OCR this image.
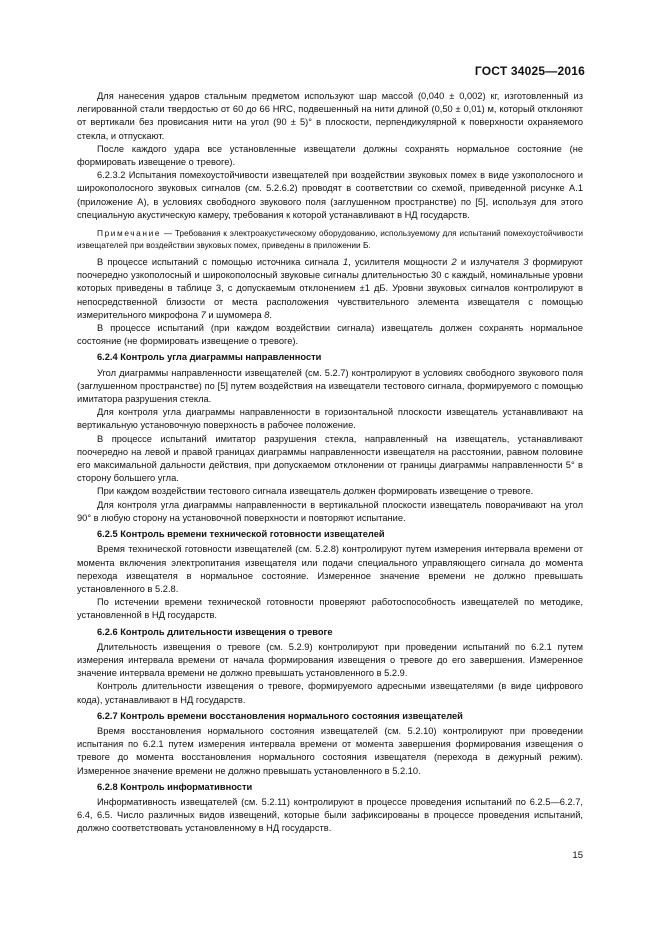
ГОСТ 34025—2016

Для нанесения ударов стальным предметом используют шар массой (0,040 ± 0,002) кг, изготовленный из легированной стали твердостью от 60 до 66 HRC, подвешенный на нити длиной (0,50 ± 0,01) м, который отклоняют от вертикали без провисания нити на угол (90 ± 5)° в плоскости, перпендикулярной к поверхности охраняемого стекла, и отпускают.

После каждого удара все установленные извещатели должны сохранять нормальное состояние (не формировать извещение о тревоге).

6.2.3.2 Испытания помехоустойчивости извещателей при воздействии звуковых помех в виде узкополосного и широкополосного звуковых сигналов (см. 5.2.6.2) проводят в соответствии со схемой, приведенной рисунке А.1 (приложение А), в условиях свободного звукового поля (заглушенном пространстве) по [5], используя для этого специальную акустическую камеру, требования к которой устанавливают в НД государств.

Примечание — Требования к электроакустическому оборудованию, используемому для испытаний помехоустойчивости извещателей при воздействии звуковых помех, приведены в приложении Б.

В процессе испытаний с помощью источника сигнала 1, усилителя мощности 2 и излучателя 3 формируют поочередно узкополосный и широкополосный звуковые сигналы длительностью 30 с каждый, номинальные уровни которых приведены в таблице 3, с допускаемым отклонением ±1 дБ. Уровни звуковых сигналов контролируют в непосредственной близости от места расположения чувствительного элемента извещателя с помощью измерительного микрофона 7 и шумомера 8.

В процессе испытаний (при каждом воздействии сигнала) извещатель должен сохранять нормальное состояние (не формировать извещение о тревоге).

6.2.4 Контроль угла диаграммы направленности

Угол диаграммы направленности извещателей (см. 5.2.7) контролируют в условиях свободного звукового поля (заглушенном пространстве) по [5] путем воздействия на извещатели тестового сигнала, формируемого с помощью имитатора разрушения стекла.

Для контроля угла диаграммы направленности в горизонтальной плоскости извещатель устанавливают на вертикальную установочную поверхность в рабочее положение.

В процессе испытаний имитатор разрушения стекла, направленный на извещатель, устанавливают поочередно на левой и правой границах диаграммы направленности извещателя на расстоянии, равном половине его максимальной дальности действия, при допускаемом отклонении от границы диаграммы направленности 5° в сторону большего угла.

При каждом воздействии тестового сигнала извещатель должен формировать извещение о тревоге.

Для контроля угла диаграммы направленности в вертикальной плоскости извещатель поворачивают на угол 90° в любую сторону на установочной поверхности и повторяют испытание.

6.2.5 Контроль времени технической готовности извещателей

Время технической готовности извещателей (см. 5.2.8) контролируют путем измерения интервала времени от момента включения электропитания извещателя или подачи специального управляющего сигнала до момента перехода извещателя в нормальное состояние. Измеренное значение времени не должно превышать установленного в 5.2.8.

По истечении времени технической готовности проверяют работоспособность извещателей по методике, установленной в НД государств.

6.2.6 Контроль длительности извещения о тревоге

Длительность извещения о тревоге (см. 5.2.9) контролируют при проведении испытаний по 6.2.1 путем измерения интервала времени от начала формирования извещения о тревоге до его завершения. Измеренное значение интервала времени не должно превышать установленного в 5.2.9.

Контроль длительности извещения о тревоге, формируемого адресными извещателями (в виде цифрового кода), устанавливают в НД государств.

6.2.7 Контроль времени восстановления нормального состояния извещателей

Время восстановления нормального состояния извещателей (см. 5.2.10) контролируют при проведении испытания по 6.2.1 путем измерения интервала времени от момента завершения формирования извещения о тревоге до момента восстановления нормального состояния извещателя (перехода в дежурный режим). Измеренное значение времени не должно превышать установленного в 5.2.10.

6.2.8 Контроль информативности

Информативность извещателей (см. 5.2.11) контролируют в процессе проведения испытаний по 6.2.5—6.2.7, 6.4, 6.5. Число различных видов извещений, которые были зафиксированы в процессе проведения испытаний, должно соответствовать установленному в НД государств.

15
